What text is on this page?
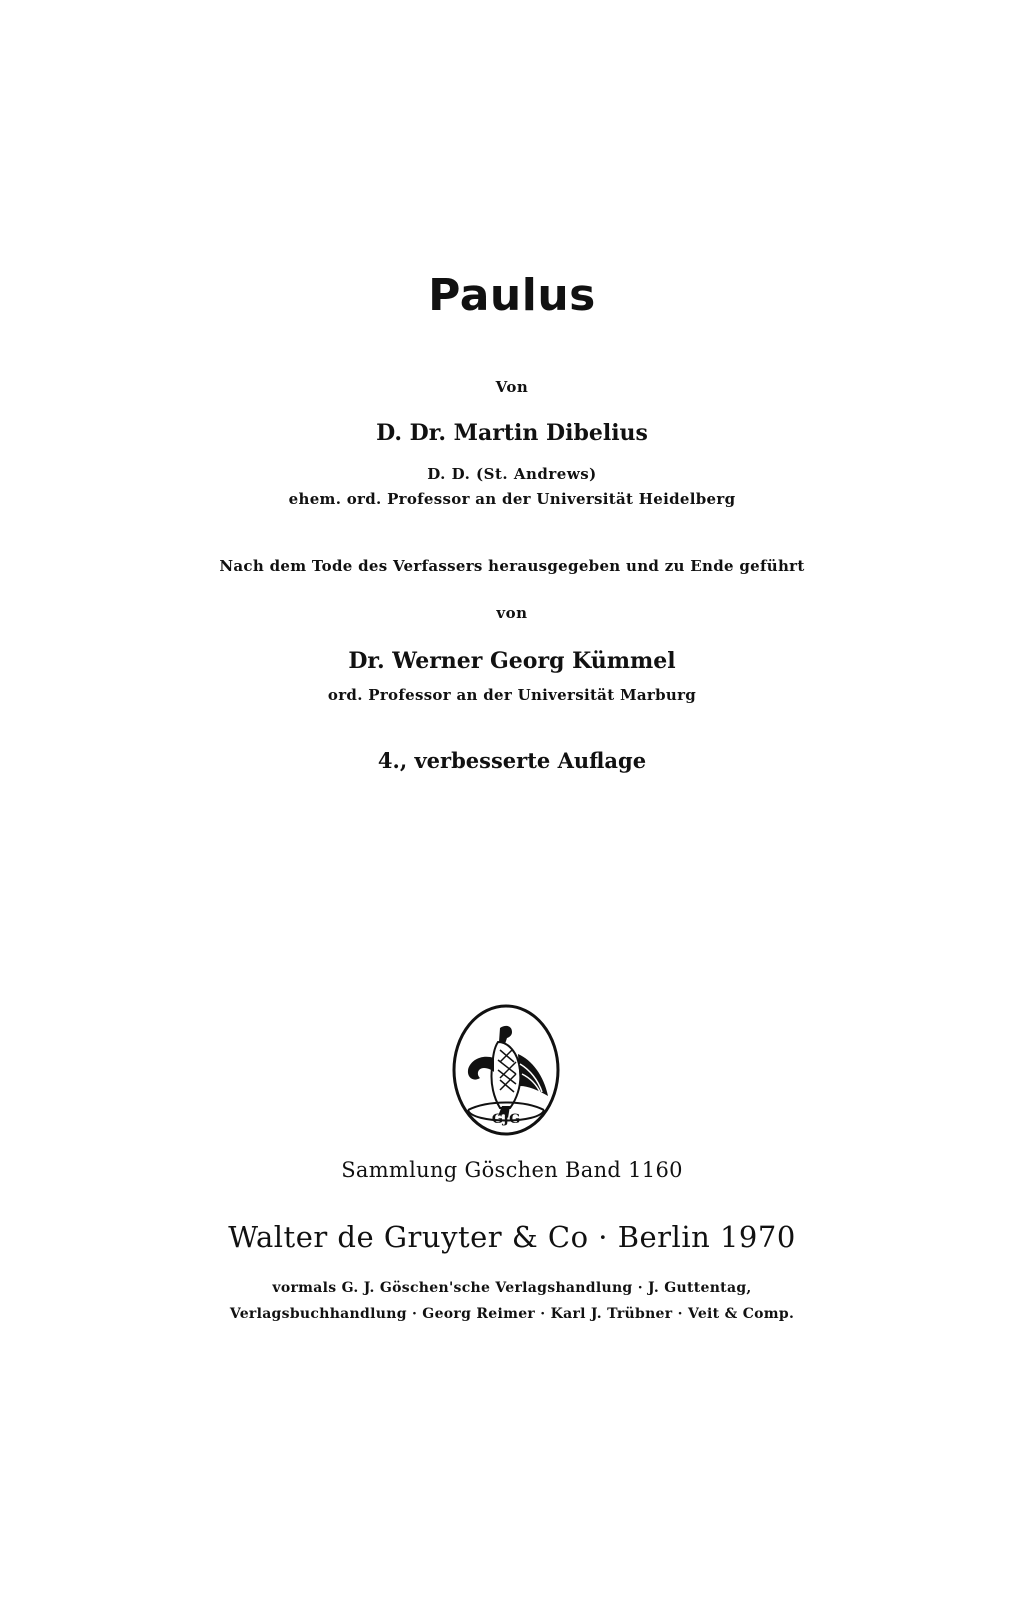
Paulus

Von

D. Dr. Martin Dibelius

D. D. (St. Andrews)

ehem. ord. Professor an der Universität Heidelberg

Nach dem Tode des Verfassers herausgegeben und zu Ende geführt

von

Dr. Werner Georg Kümmel

ord. Professor an der Universität Marburg

4., verbesserte Auflage

GJG

Sammlung Göschen Band 1160

Walter de Gruyter & Co · Berlin 1970

vormals G. J. Göschen'sche Verlagshandlung · J. Guttentag,

Verlagsbuchhandlung · Georg Reimer · Karl J. Trübner · Veit & Comp.
